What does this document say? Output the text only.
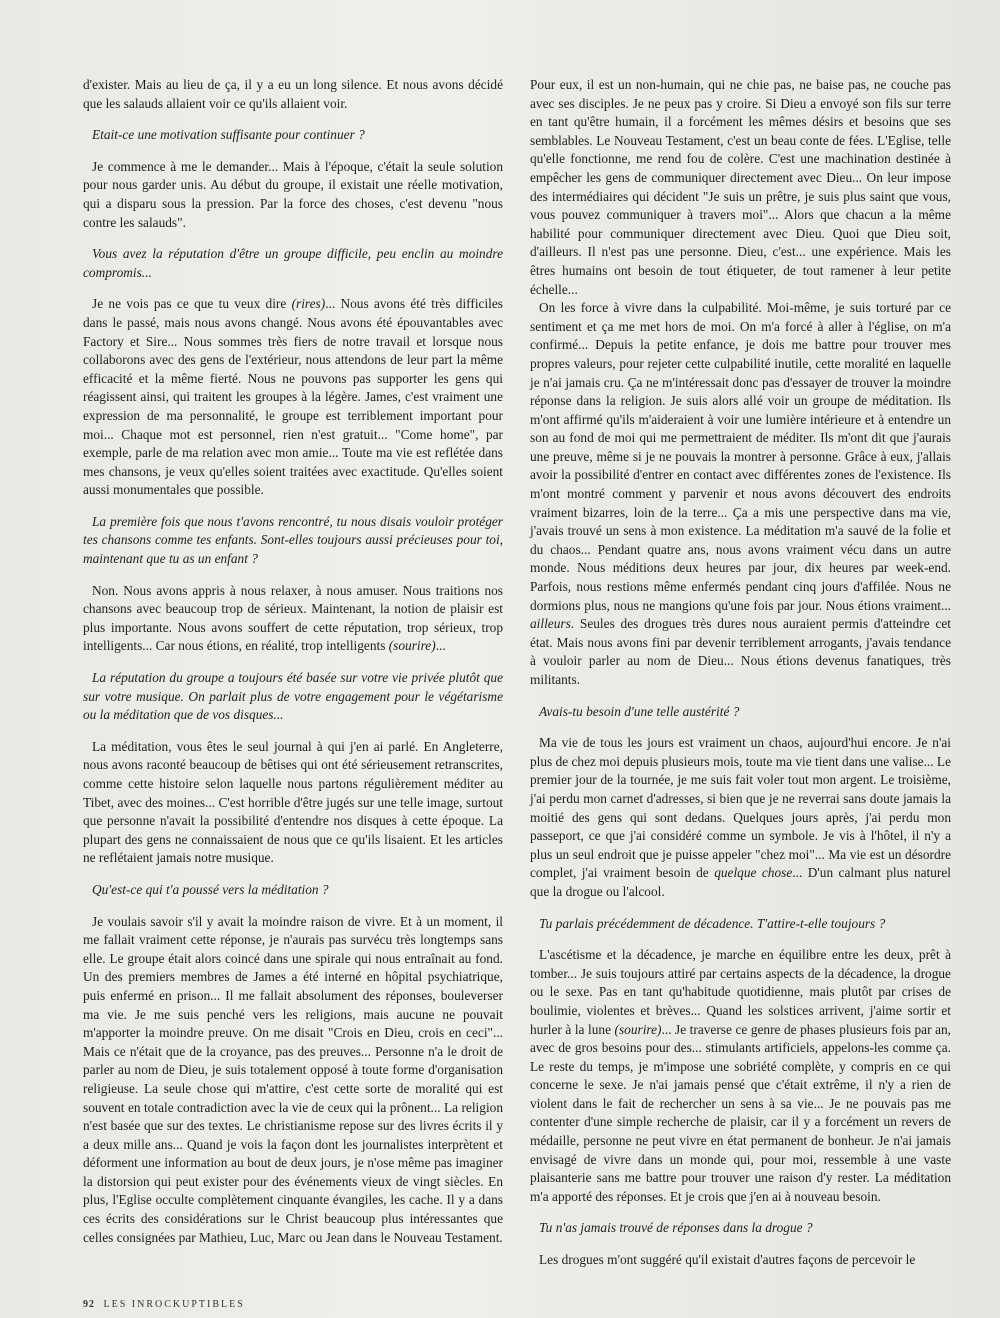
d'exister. Mais au lieu de ça, il y a eu un long silence. Et nous avons décidé que les salauds allaient voir ce qu'ils allaient voir.

Etait-ce une motivation suffisante pour continuer ?

Je commence à me le demander... Mais à l'époque, c'était la seule solution pour nous garder unis. Au début du groupe, il existait une réelle motivation, qui a disparu sous la pression. Par la force des choses, c'est devenu "nous contre les salauds".

Vous avez la réputation d'être un groupe difficile, peu enclin au moindre compromis...

Je ne vois pas ce que tu veux dire (rires)... Nous avons été très difficiles dans le passé, mais nous avons changé. Nous avons été épouvantables avec Factory et Sire... Nous sommes très fiers de notre travail et lorsque nous collaborons avec des gens de l'extérieur, nous attendons de leur part la même efficacité et la même fierté. Nous ne pouvons pas supporter les gens qui réagissent ainsi, qui traitent les groupes à la légère. James, c'est vraiment une expression de ma personnalité, le groupe est terriblement important pour moi... Chaque mot est personnel, rien n'est gratuit... "Come home", par exemple, parle de ma relation avec mon amie... Toute ma vie est reflétée dans mes chansons, je veux qu'elles soient traitées avec exactitude. Qu'elles soient aussi monumentales que possible.

La première fois que nous t'avons rencontré, tu nous disais vouloir protéger tes chansons comme tes enfants. Sont-elles toujours aussi précieuses pour toi, maintenant que tu as un enfant ?

Non. Nous avons appris à nous relaxer, à nous amuser. Nous traitions nos chansons avec beaucoup trop de sérieux. Maintenant, la notion de plaisir est plus importante. Nous avons souffert de cette réputation, trop sérieux, trop intelligents... Car nous étions, en réalité, trop intelligents (sourire)...

La réputation du groupe a toujours été basée sur votre vie privée plutôt que sur votre musique. On parlait plus de votre engagement pour le végétarisme ou la méditation que de vos disques...

La méditation, vous êtes le seul journal à qui j'en ai parlé. En Angleterre, nous avons raconté beaucoup de bêtises qui ont été sérieusement retranscrites, comme cette histoire selon laquelle nous partons régulièrement méditer au Tibet, avec des moines... C'est horrible d'être jugés sur une telle image, surtout que personne n'avait la possibilité d'entendre nos disques à cette époque. La plupart des gens ne connaissaient de nous que ce qu'ils lisaient. Et les articles ne reflétaient jamais notre musique.

Qu'est-ce qui t'a poussé vers la méditation ?

Je voulais savoir s'il y avait la moindre raison de vivre. Et à un moment, il me fallait vraiment cette réponse, je n'aurais pas survécu très longtemps sans elle. Le groupe était alors coincé dans une spirale qui nous entraînait au fond. Un des premiers membres de James a été interné en hôpital psychiatrique, puis enfermé en prison... Il me fallait absolument des réponses, bouleverser ma vie. Je me suis penché vers les religions, mais aucune ne pouvait m'apporter la moindre preuve. On me disait "Crois en Dieu, crois en ceci"... Mais ce n'était que de la croyance, pas des preuves... Personne n'a le droit de parler au nom de Dieu, je suis totalement opposé à toute forme d'organisation religieuse. La seule chose qui m'attire, c'est cette sorte de moralité qui est souvent en totale contradiction avec la vie de ceux qui la prônent... La religion n'est basée que sur des textes. Le christianisme repose sur des livres écrits il y a deux mille ans... Quand je vois la façon dont les journalistes interprètent et déforment une information au bout de deux jours, je n'ose même pas imaginer la distorsion qui peut exister pour des événements vieux de vingt siècles. En plus, l'Eglise occulte complètement cinquante évangiles, les cache. Il y a dans ces écrits des considérations sur le Christ beaucoup plus intéressantes que celles consignées par Mathieu, Luc, Marc ou Jean dans le Nouveau Testament.

Pour eux, il est un non-humain, qui ne chie pas, ne baise pas, ne couche pas avec ses disciples. Je ne peux pas y croire. Si Dieu a envoyé son fils sur terre en tant qu'être humain, il a forcément les mêmes désirs et besoins que ses semblables. Le Nouveau Testament, c'est un beau conte de fées. L'Eglise, telle qu'elle fonctionne, me rend fou de colère. C'est une machination destinée à empêcher les gens de communiquer directement avec Dieu... On leur impose des intermédiaires qui décident "Je suis un prêtre, je suis plus saint que vous, vous pouvez communiquer à travers moi"... Alors que chacun a la même habilité pour communiquer directement avec Dieu. Quoi que Dieu soit, d'ailleurs. Il n'est pas une personne. Dieu, c'est... une expérience. Mais les êtres humains ont besoin de tout étiqueter, de tout ramener à leur petite échelle...

On les force à vivre dans la culpabilité. Moi-même, je suis torturé par ce sentiment et ça me met hors de moi. On m'a forcé à aller à l'église, on m'a confirmé... Depuis la petite enfance, je dois me battre pour trouver mes propres valeurs, pour rejeter cette culpabilité inutile, cette moralité en laquelle je n'ai jamais cru. Ça ne m'intéressait donc pas d'essayer de trouver la moindre réponse dans la religion. Je suis alors allé voir un groupe de méditation. Ils m'ont affirmé qu'ils m'aideraient à voir une lumière intérieure et à entendre un son au fond de moi qui me permettraient de méditer. Ils m'ont dit que j'aurais une preuve, même si je ne pouvais la montrer à personne. Grâce à eux, j'allais avoir la possibilité d'entrer en contact avec différentes zones de l'existence. Ils m'ont montré comment y parvenir et nous avons découvert des endroits vraiment bizarres, loin de la terre... Ça a mis une perspective dans ma vie, j'avais trouvé un sens à mon existence. La méditation m'a sauvé de la folie et du chaos... Pendant quatre ans, nous avons vraiment vécu dans un autre monde. Nous méditions deux heures par jour, dix heures par week-end. Parfois, nous restions même enfermés pendant cinq jours d'affilée. Nous ne dormions plus, nous ne mangions qu'une fois par jour. Nous étions vraiment... ailleurs. Seules des drogues très dures nous auraient permis d'atteindre cet état. Mais nous avons fini par devenir terriblement arrogants, j'avais tendance à vouloir parler au nom de Dieu... Nous étions devenus fanatiques, très militants.

Avais-tu besoin d'une telle austérité ?

Ma vie de tous les jours est vraiment un chaos, aujourd'hui encore. Je n'ai plus de chez moi depuis plusieurs mois, toute ma vie tient dans une valise... Le premier jour de la tournée, je me suis fait voler tout mon argent. Le troisième, j'ai perdu mon carnet d'adresses, si bien que je ne reverrai sans doute jamais la moitié des gens qui sont dedans. Quelques jours après, j'ai perdu mon passeport, ce que j'ai considéré comme un symbole. Je vis à l'hôtel, il n'y a plus un seul endroit que je puisse appeler "chez moi"... Ma vie est un désordre complet, j'ai vraiment besoin de quelque chose... D'un calmant plus naturel que la drogue ou l'alcool.

Tu parlais précédemment de décadence. T'attire-t-elle toujours ?

L'ascétisme et la décadence, je marche en équilibre entre les deux, prêt à tomber... Je suis toujours attiré par certains aspects de la décadence, la drogue ou le sexe. Pas en tant qu'habitude quotidienne, mais plutôt par crises de boulimie, violentes et brèves... Quand les solstices arrivent, j'aime sortir et hurler à la lune (sourire)... Je traverse ce genre de phases plusieurs fois par an, avec de gros besoins pour des... stimulants artificiels, appelons-les comme ça. Le reste du temps, je m'impose une sobriété complète, y compris en ce qui concerne le sexe. Je n'ai jamais pensé que c'était extrême, il n'y a rien de violent dans le fait de rechercher un sens à sa vie... Je ne pouvais pas me contenter d'une simple recherche de plaisir, car il y a forcément un revers de médaille, personne ne peut vivre en état permanent de bonheur. Je n'ai jamais envisagé de vivre dans un monde qui, pour moi, ressemble à une vaste plaisanterie sans me battre pour trouver une raison d'y rester. La méditation m'a apporté des réponses. Et je crois que j'en ai à nouveau besoin.

Tu n'as jamais trouvé de réponses dans la drogue ?

Les drogues m'ont suggéré qu'il existait d'autres façons de percevoir le

92 LES INROCKUPTIBLES
